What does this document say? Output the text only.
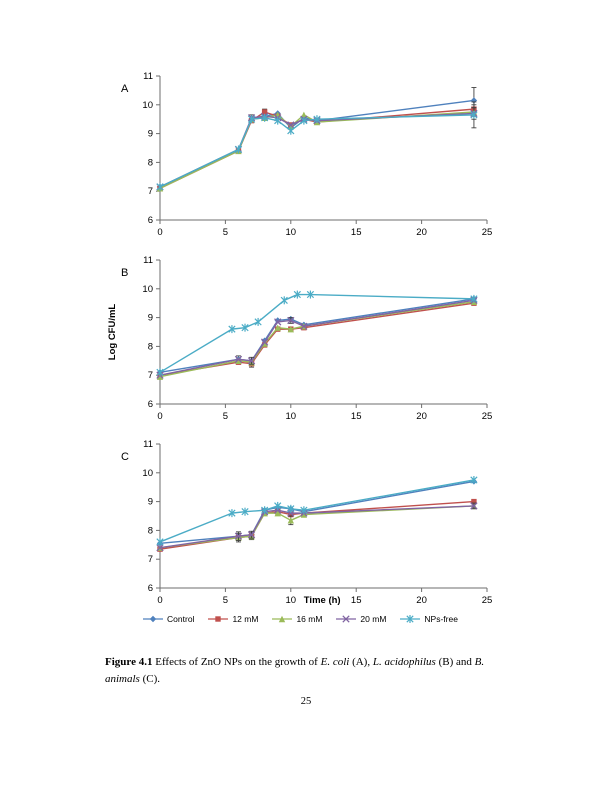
6
7
8
9
10
11
0	5	10	15	20	25
A
6
7
8
9
10
11
0	5	10	15	20	25
B
Log CFU/mL
6
7
8
9
10
11
0	5	10	15	20	25
C
Time (h)
Control	12 mM	16 mM	20 mM	NPs-free

Figure 4.1 Effects of ZnO NPs on the growth of E. coli (A), L. acidophilus (B) and B. animals (C).

25
